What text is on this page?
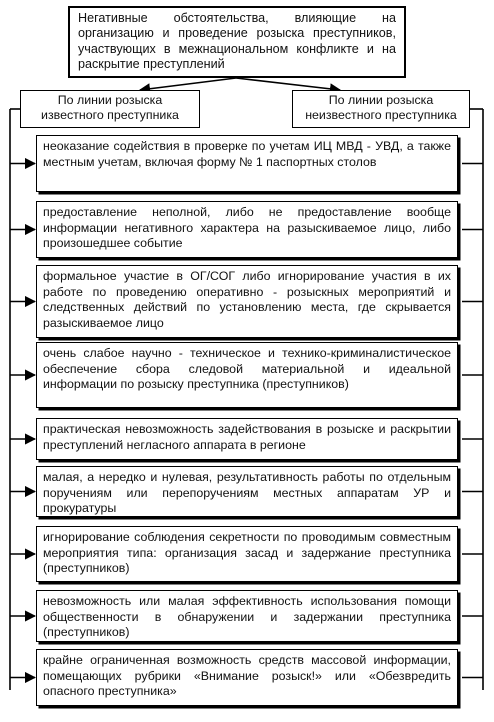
Негативные обстоятельства, влияющие на организацию и проведение розыска преступников, участвующих в межнациональном конфликте и на раскрытие преступлений
По линии розыска известного преступника
По линии розыска неизвестного преступника
неоказание содействия в проверке по учетам ИЦ МВД - УВД, а также местным учетам, включая форму № 1 паспортных столов
предоставление неполной, либо не предоставление вообще информации негативного характера на разыскиваемое лицо, либо произошедшее событие
формальное участие в ОГ/СОГ либо игнорирование участия в их работе по проведению оперативно - розыскных мероприятий и следственных действий по установлению места, где скрывается разыскиваемое лицо
очень слабое научно - техническое и технико-криминалистическое обеспечение сбора следовой материальной и идеальной информации по розыску преступника (преступников)
практическая невозможность задействования в розыске и раскрытии преступлений негласного аппарата в регионе
малая, а нередко и нулевая, результативность работы по отдельным поручениям или перепоручениям местных аппаратам УР и прокуратуры
игнорирование соблюдения секретности по проводимым совместным мероприятия типа: организация засад и задержание преступника (преступников)
невозможность или малая эффективность использования помощи общественности в обнаружении и задержании преступника (преступников)
крайне ограниченная возможность средств массовой информации, помещающих рубрики «Внимание розыск!» или «Обезвредить опасного преступника»
